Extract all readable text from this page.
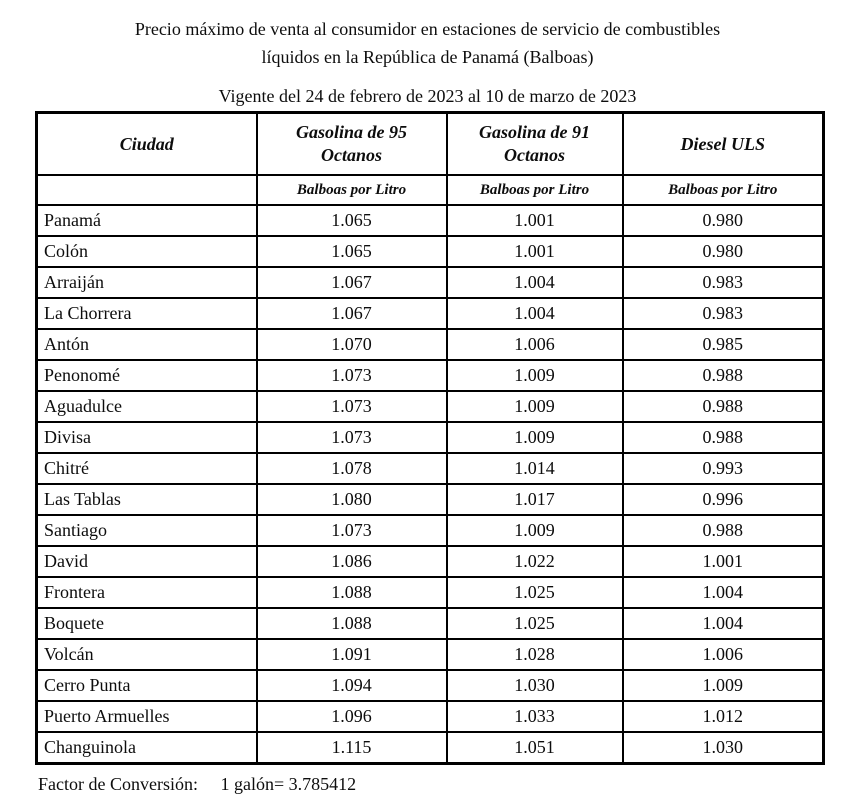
Precio máximo de venta al consumidor en estaciones de servicio de combustibles
líquidos en la República de Panamá (Balboas)
Vigente del 24 de febrero de 2023 al 10 de marzo de 2023
Ciudad	Gasolina de 95 Octanos	Gasolina de 91 Octanos	Diesel ULS
	Balboas por Litro	Balboas por Litro	Balboas por Litro
Panamá	1.065	1.001	0.980
Colón	1.065	1.001	0.980
Arraiján	1.067	1.004	0.983
La Chorrera	1.067	1.004	0.983
Antón	1.070	1.006	0.985
Penonomé	1.073	1.009	0.988
Aguadulce	1.073	1.009	0.988
Divisa	1.073	1.009	0.988
Chitré	1.078	1.014	0.993
Las Tablas	1.080	1.017	0.996
Santiago	1.073	1.009	0.988
David	1.086	1.022	1.001
Frontera	1.088	1.025	1.004
Boquete	1.088	1.025	1.004
Volcán	1.091	1.028	1.006
Cerro Punta	1.094	1.030	1.009
Puerto Armuelles	1.096	1.033	1.012
Changuinola	1.115	1.051	1.030
Factor de Conversión: 1 galón= 3.785412
